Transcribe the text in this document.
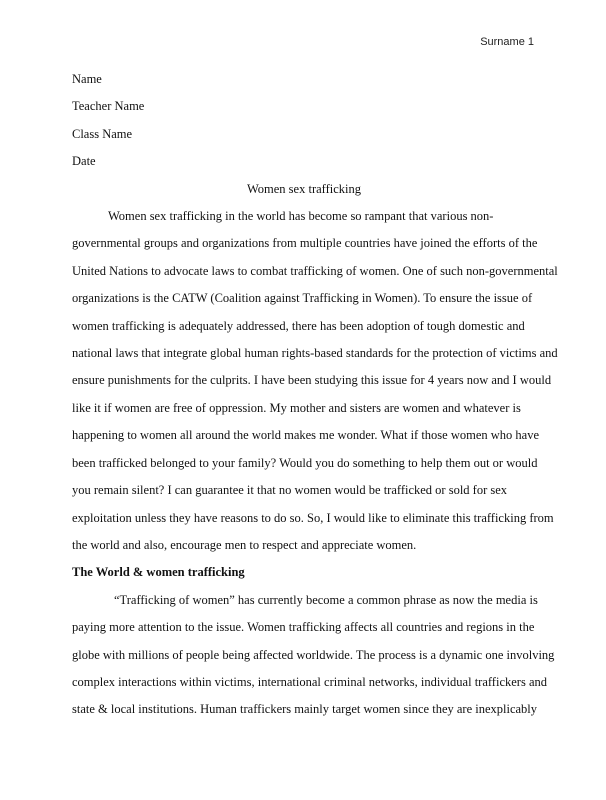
Surname 1

Name

Teacher Name

Class Name

Date

Women sex trafficking

Women sex trafficking in the world has become so rampant that various non-
governmental groups and organizations from multiple countries have joined the efforts of the
United Nations to advocate laws to combat trafficking of women. One of such non-governmental
organizations is the CATW (Coalition against Trafficking in Women). To ensure the issue of
women trafficking is adequately addressed, there has been adoption of tough domestic and
national laws that integrate global human rights-based standards for the protection of victims and
ensure punishments for the culprits. I have been studying this issue for 4 years now and I would
like it if women are free of oppression. My mother and sisters are women and whatever is
happening to women all around the world makes me wonder. What if those women who have
been trafficked belonged to your family? Would you do something to help them out or would
you remain silent? I can guarantee it that no women would be trafficked or sold for sex
exploitation unless they have reasons to do so. So, I would like to eliminate this trafficking from
the world and also, encourage men to respect and appreciate women.

The World & women trafficking

“Trafficking of women” has currently become a common phrase as now the media is
paying more attention to the issue. Women trafficking affects all countries and regions in the
globe with millions of people being affected worldwide. The process is a dynamic one involving
complex interactions within victims, international criminal networks, individual traffickers and
state & local institutions. Human traffickers mainly target women since they are inexplicably
